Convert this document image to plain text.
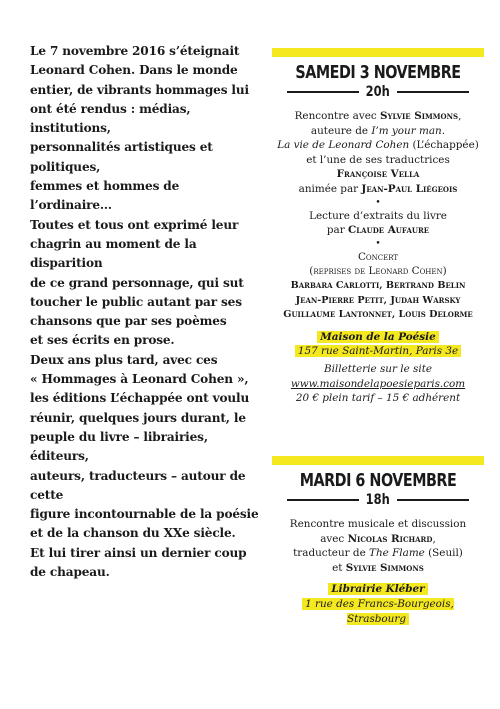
Le 7 novembre 2016 s’éteignait
Leonard Cohen. Dans le monde
entier, de vibrants hommages lui
ont été rendus : médias, institutions,
personnalités artistiques et politiques,
femmes et hommes de l’ordinaire…
Toutes et tous ont exprimé leur
chagrin au moment de la disparition
de ce grand personnage, qui sut
toucher le public autant par ses
chansons que par ses poèmes
et ses écrits en prose.
Deux ans plus tard, avec ces
« Hommages à Leonard Cohen »,
les éditions L’échappée ont voulu
réunir, quelques jours durant, le
peuple du livre – librairies, éditeurs,
auteurs, traducteurs – autour de cette
figure incontournable de la poésie
et de la chanson du XXe siècle.
Et lui tirer ainsi un dernier coup
de chapeau.
SAMEDI 3 NOVEMBRE
20h
Rencontre avec Sylvie Simmons,
auteure de I’m your man.
La vie de Leonard Cohen (L’échappée)
et l’une de ses traductrices
Françoise Vella
animée par Jean-Paul Liégeois
•
Lecture d’extraits du livre
par Claude Aufaure
•
Concert
(reprises de Leonard Cohen)
Barbara Carlotti, Bertrand Belin
Jean-Pierre Petit, Judah Warsky
Guillaume Lantonnet, Louis Delorme
Maison de la Poésie
157 rue Saint-Martin, Paris 3e
Billetterie sur le site
www.maisondelapoesieparis.com
20 € plein tarif – 15 € adhérent
MARDI 6 NOVEMBRE
18h
Rencontre musicale et discussion
avec Nicolas Richard,
traducteur de The Flame (Seuil)
et Sylvie Simmons
Librairie Kléber
1 rue des Francs-Bourgeois, Strasbourg
